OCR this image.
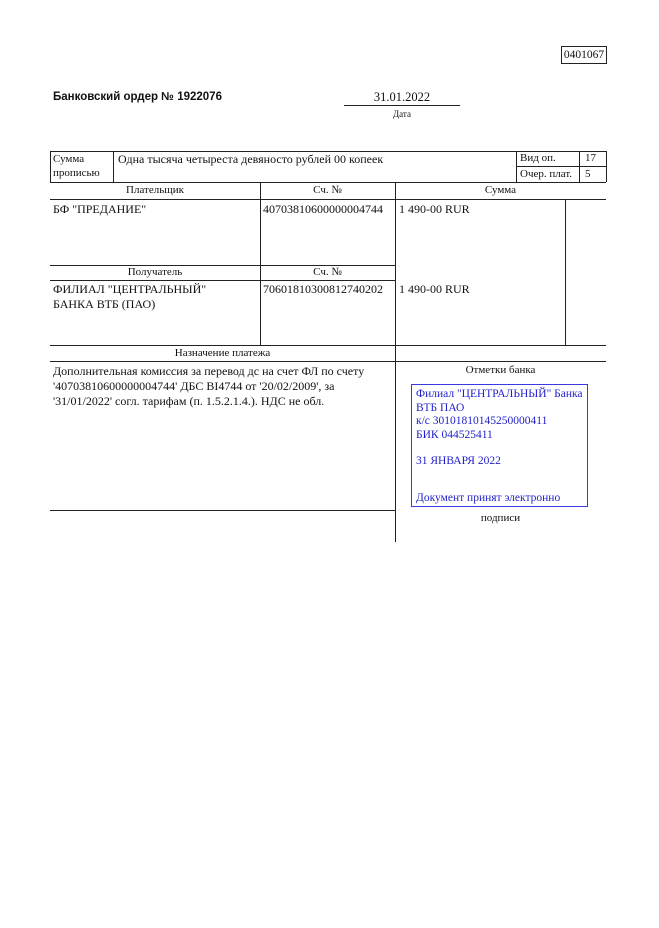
0401067
Банковский ордер № 1922076	31.01.2022
Дата
Сумма прописью
Одна тысяча четыреста девяносто рублей 00 копеек	Вид оп.	17
Очер. плат. 5
Плательщик	Сч. №	Сумма
БФ "ПРЕДАНИЕ"	40703810600000004744 1 490-00 RUR
Получатель	Сч. №
ФИЛИАЛ "ЦЕНТРАЛЬНЫЙ"
БАНКА ВТБ (ПАО)
70601810300812740202 1 490-00 RUR
Назначение платежа
Дополнительная комиссия за перевод дс на счет ФЛ по счету
'40703810600000004744' ДБС BI4744 от '20/02/2009', за
'31/01/2022' согл. тарифам (п. 1.5.2.1.4.). НДС не обл.
Отметки банка
Филиал "ЦЕНТРАЛЬНЫЙ" Банка
ВТБ ПАО
к/с 30101810145250000411
БИК 044525411
31 ЯНВАРЯ 2022
Документ принят электронно
подписи
